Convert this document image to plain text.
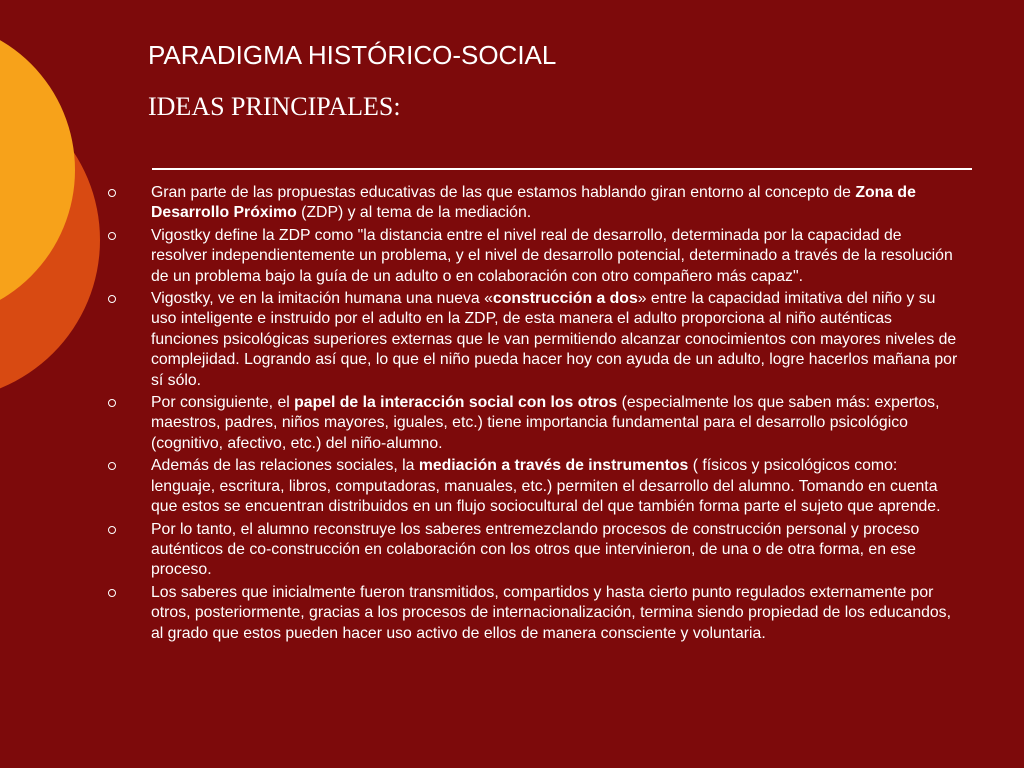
PARADIGMA HISTÓRICO-SOCIAL
IDEAS PRINCIPALES:
Gran parte de las propuestas educativas de las que estamos hablando giran entorno al concepto de Zona de Desarrollo Próximo (ZDP) y al tema de la mediación.
Vigostky define la ZDP como "la distancia entre el nivel real de desarrollo, determinada por la capacidad de resolver independientemente un problema, y el nivel de desarrollo potencial, determinado a través de la resolución de un problema bajo la guía de un adulto o en colaboración con otro compañero más capaz".
Vigostky, ve en la imitación humana una nueva «construcción a dos» entre la capacidad imitativa del niño y su uso inteligente e instruido por el adulto en la ZDP, de esta manera el adulto proporciona al niño auténticas funciones psicológicas superiores externas que le van permitiendo alcanzar conocimientos con mayores niveles de complejidad. Logrando así que, lo que el niño pueda hacer hoy con ayuda de un adulto, logre hacerlos mañana por sí sólo.
Por consiguiente, el papel de la interacción social con los otros (especialmente los que saben más: expertos, maestros, padres, niños mayores, iguales, etc.) tiene importancia fundamental para el desarrollo psicológico (cognitivo, afectivo, etc.) del niño-alumno.
Además de las relaciones sociales, la mediación a través de instrumentos ( físicos y psicológicos como: lenguaje, escritura, libros, computadoras, manuales, etc.) permiten el desarrollo del alumno. Tomando en cuenta que estos se encuentran distribuidos en un flujo sociocultural del que también forma parte el sujeto que aprende.
Por lo tanto, el alumno reconstruye los saberes entremezclando procesos de construcción personal y proceso auténticos de co-construcción en colaboración con los otros que intervinieron, de una o de otra forma, en ese proceso.
Los saberes que inicialmente fueron transmitidos, compartidos y hasta cierto punto regulados externamente por otros, posteriormente, gracias a los procesos de internacionalización, termina siendo propiedad de los educandos, al grado que estos pueden hacer uso activo de ellos de manera consciente y voluntaria.
